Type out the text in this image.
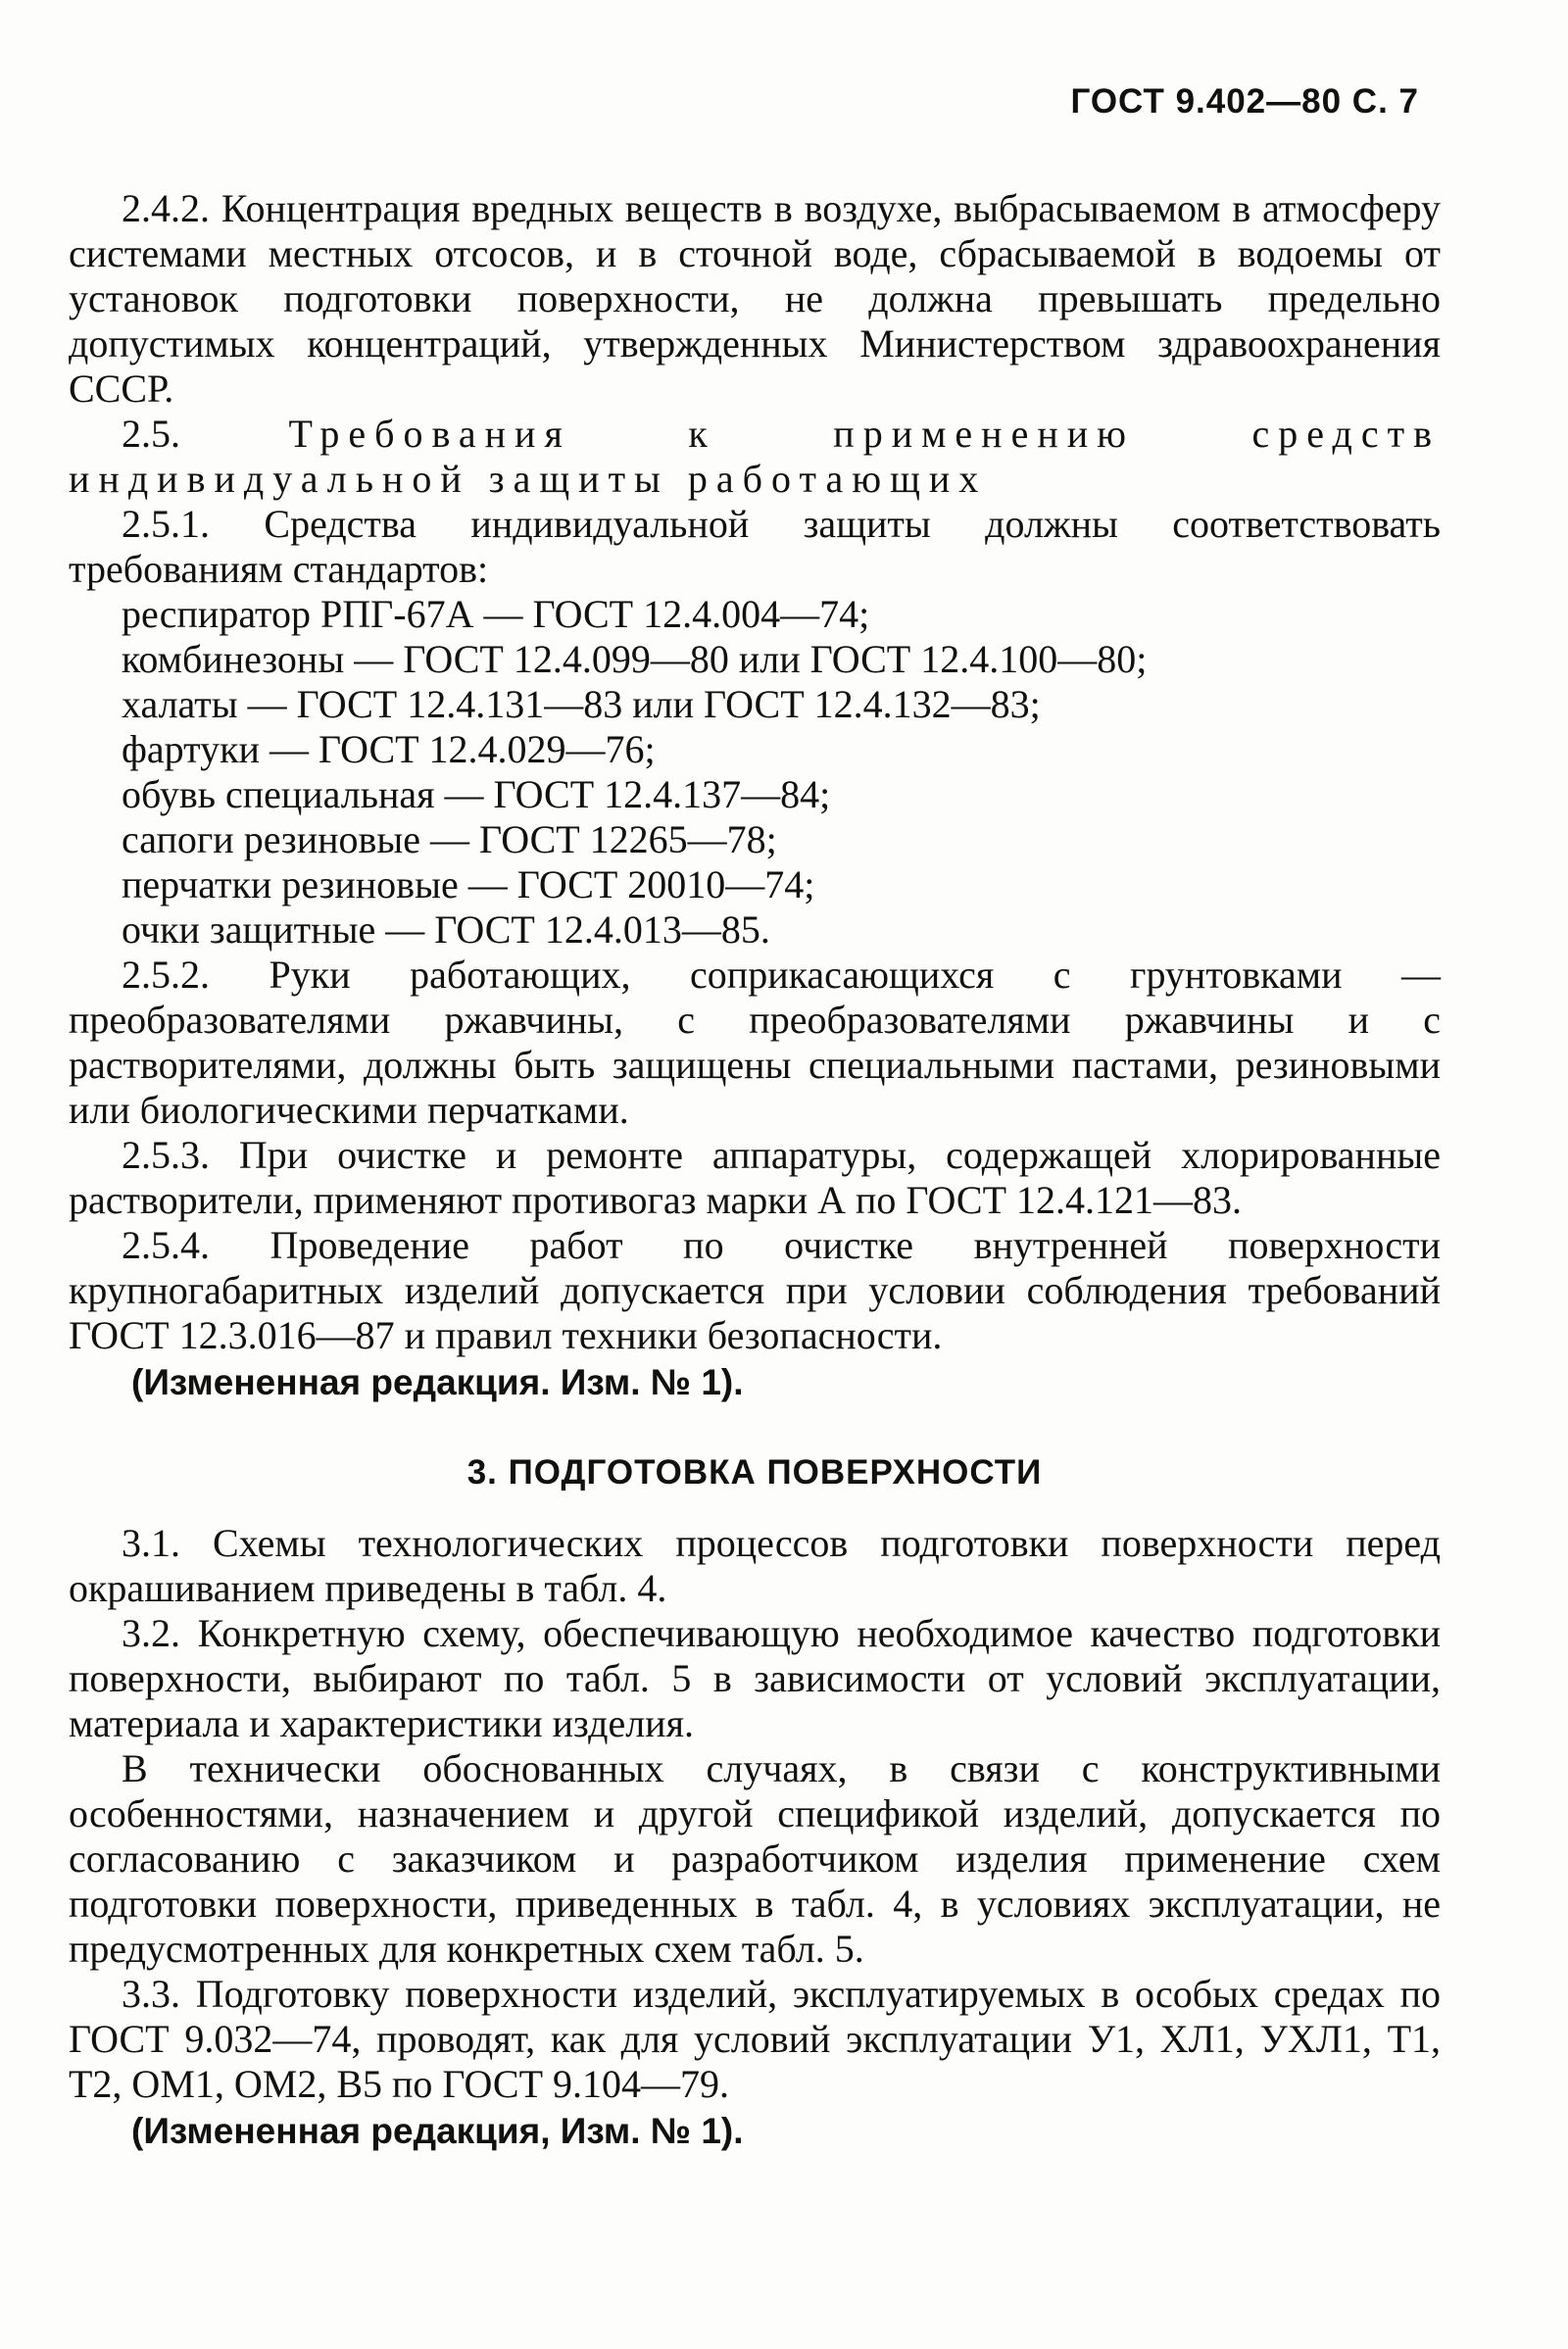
ГОСТ 9.402—80 С. 7

2.4.2. Концентрация вредных веществ в воздухе, выбрасываемом в атмосферу системами местных отсосов, и в сточной воде, сбрасываемой в водоемы от установок подготовки поверхности, не должна превышать предельно допустимых концентраций, утвержденных Министерством здравоохранения СССР.

2.5.	Требования к применению средств индивидуальной защиты работающих

2.5.1. Средства индивидуальной защиты должны соответствовать требованиям стандартов:

респиратор РПГ-67А — ГОСТ 12.4.004—74;
комбинезоны — ГОСТ 12.4.099—80 или ГОСТ 12.4.100—80;
халаты — ГОСТ 12.4.131—83 или ГОСТ 12.4.132—83;
фартуки — ГОСТ 12.4.029—76;
обувь специальная — ГОСТ 12.4.137—84;
сапоги резиновые — ГОСТ 12265—78;
перчатки резиновые — ГОСТ 20010—74;
очки защитные — ГОСТ 12.4.013—85.

2.5.2. Руки работающих, соприкасающихся с грунтовками — преобразователями ржавчины, с преобразователями ржавчины и с растворителями, должны быть защищены специальными пастами, резиновыми или биологическими перчатками.

2.5.3. При очистке и ремонте аппаратуры, содержащей хлорированные растворители, применяют противогаз марки А по ГОСТ 12.4.121—83.

2.5.4. Проведение работ по очистке внутренней поверхности крупногабаритных изделий допускается при условии соблюдения требований ГОСТ 12.3.016—87 и правил техники безопасности.

(Измененная редакция. Изм. № 1).

3. ПОДГОТОВКА ПОВЕРХНОСТИ

3.1. Схемы технологических процессов подготовки поверхности перед окрашиванием приведены в табл. 4.

3.2. Конкретную схему, обеспечивающую необходимое качество подготовки поверхности, выбирают по табл. 5 в зависимости от условий эксплуатации, материала и характеристики изделия.

В технически обоснованных случаях, в связи с конструктивными особенностями, назначением и другой спецификой изделий, допускается по согласованию с заказчиком и разработчиком изделия применение схем подготовки поверхности, приведенных в табл. 4, в условиях эксплуатации, не предусмотренных для конкретных схем табл. 5.

3.3. Подготовку поверхности изделий, эксплуатируемых в особых средах по ГОСТ 9.032—74, проводят, как для условий эксплуатации У1, ХЛ1, УХЛ1, Т1, Т2, ОМ1, ОМ2, В5 по ГОСТ 9.104—79.

(Измененная редакция, Изм. № 1).
